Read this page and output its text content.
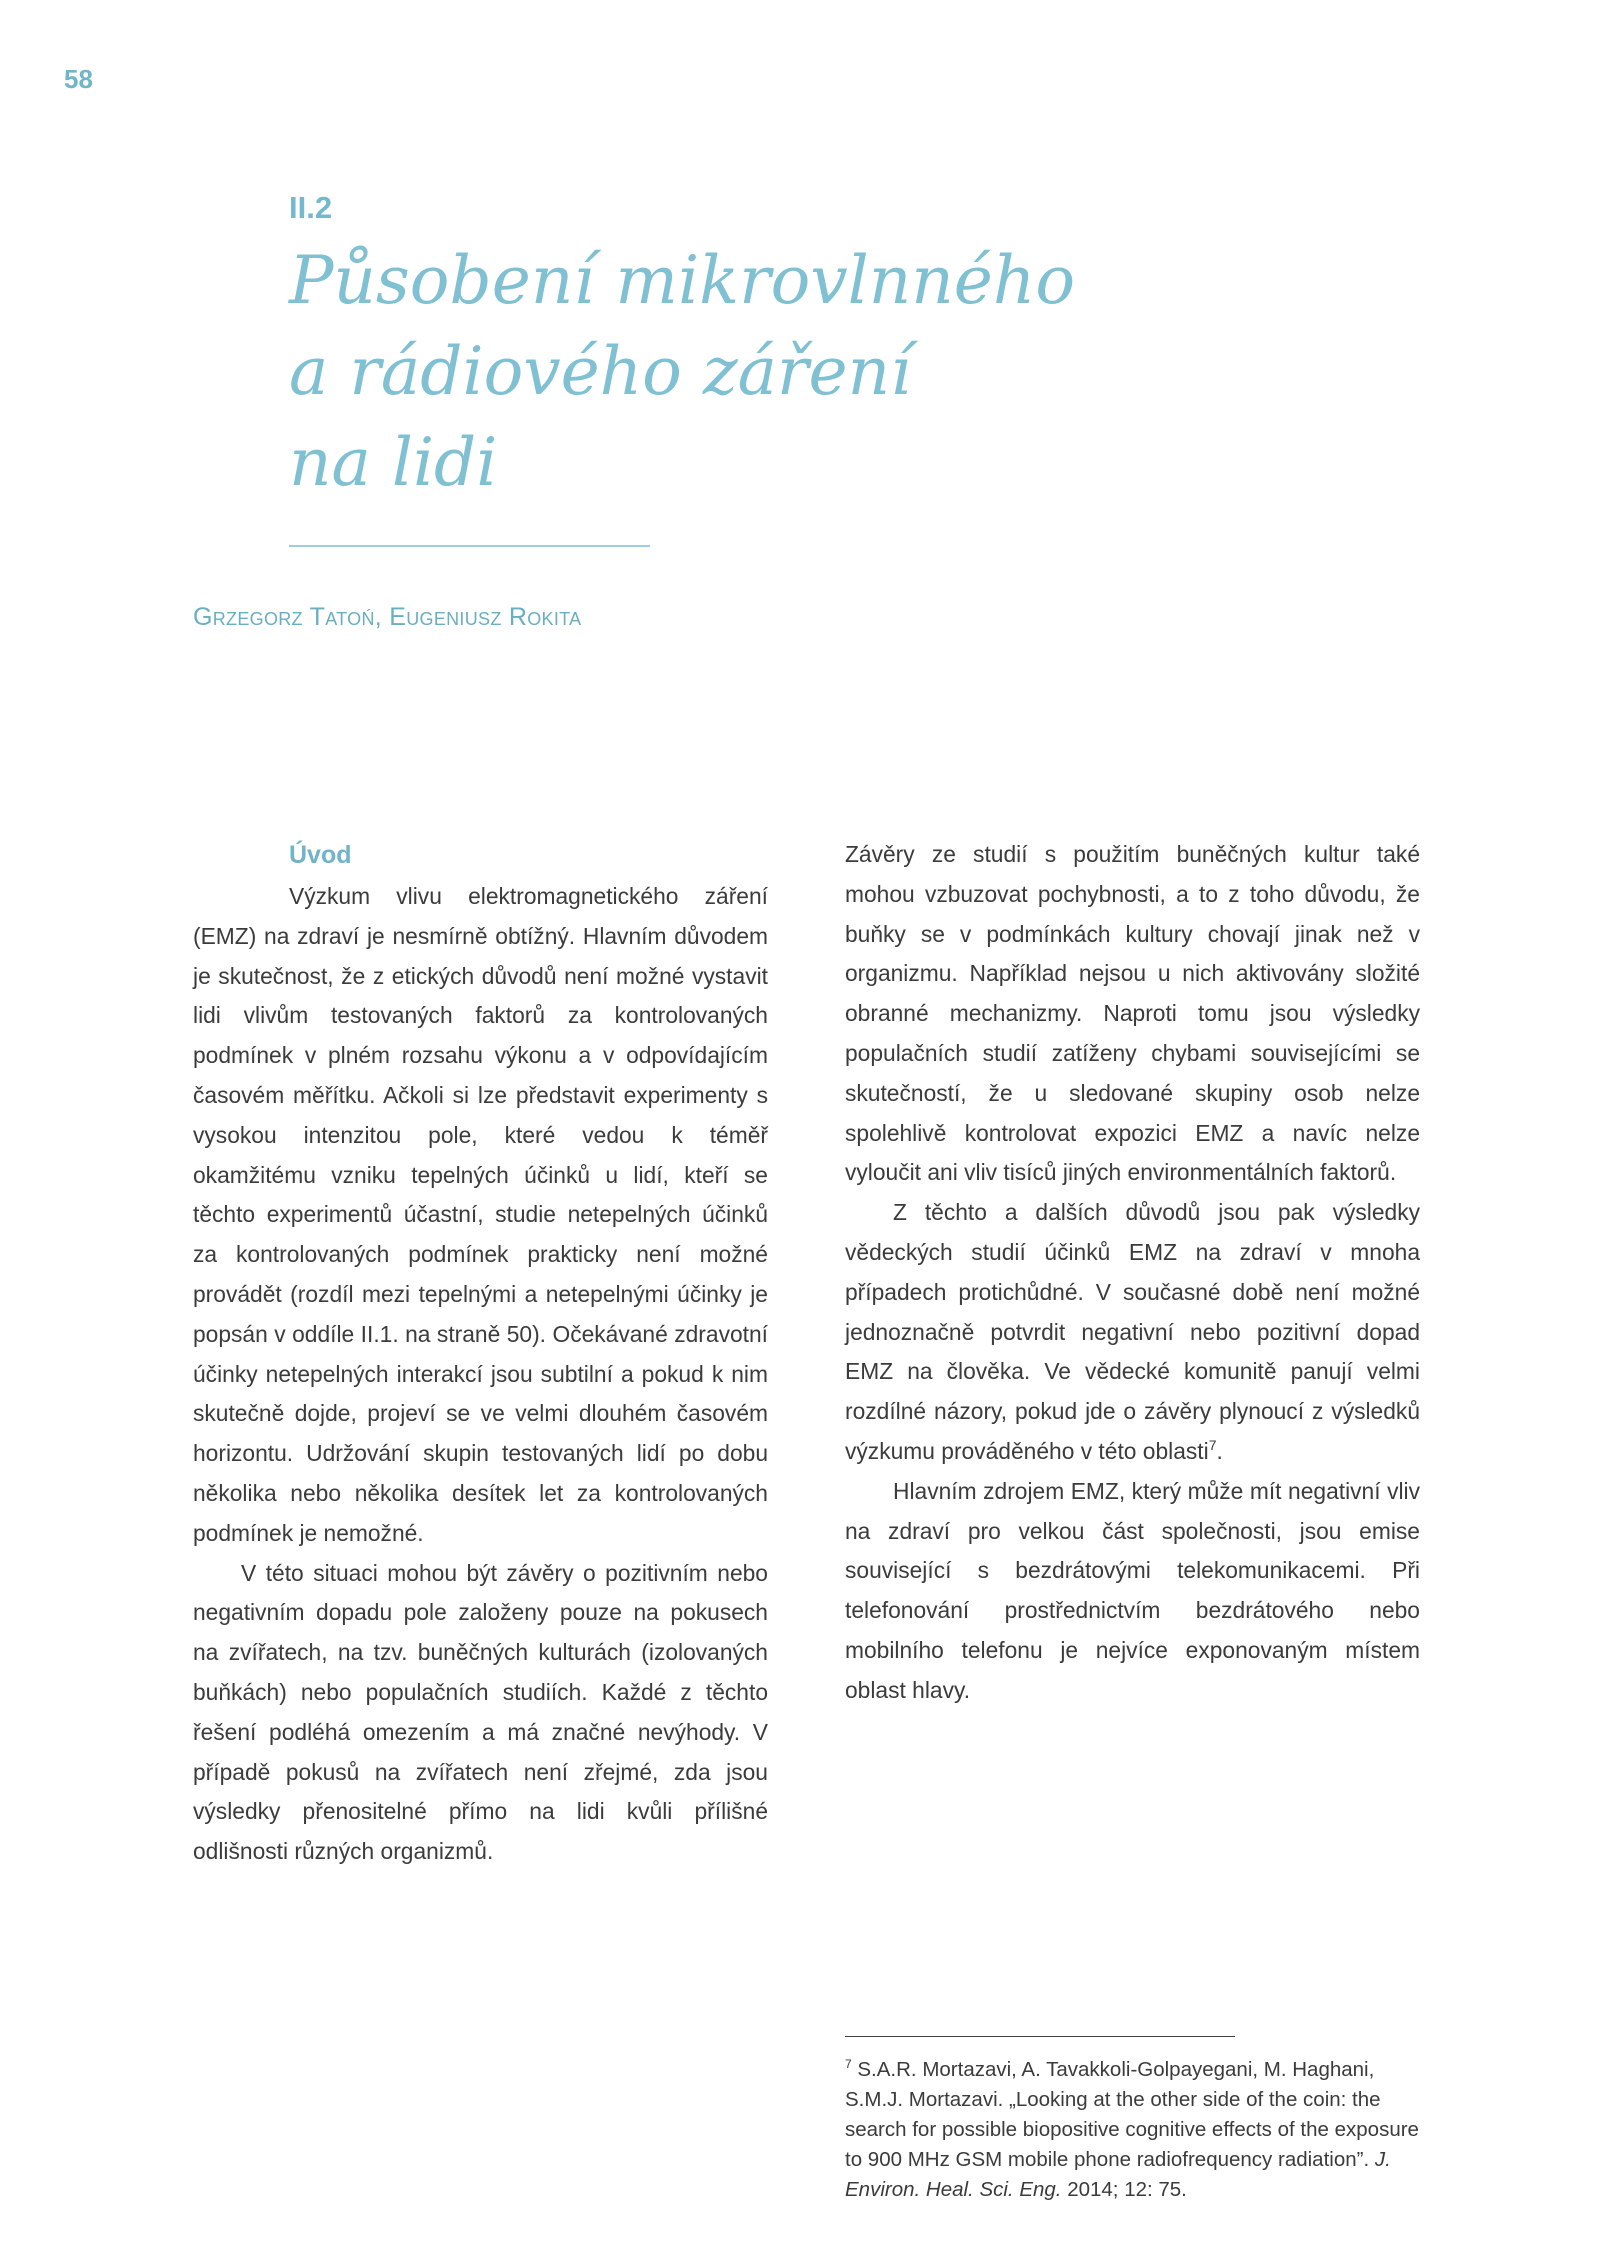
58
II.2
Působení mikrovlnného
a rádiového záření
na lidi
Grzegorz Tatoń, Eugeniusz Rokita
Úvod

Výzkum vlivu elektromagnetického záření (EMZ) na zdraví je nesmírně obtížný. Hlavním důvodem je skutečnost, že z etických důvodů není možné vystavit lidi vlivům testovaných faktorů za kontrolovaných podmínek v plném rozsahu výkonu a v odpovídajícím časovém měřítku. Ačkoli si lze představit experimenty s vysokou intenzitou pole, které vedou k téměř okamžitému vzniku tepelných účinků u lidí, kteří se těchto experimentů účastní, studie netepelných účinků za kontrolovaných podmínek prakticky není možné provádět (rozdíl mezi tepelnými a netepelnými účinky je popsán v oddíle II.1. na straně 50). Očekávané zdravotní účinky netepelných interakcí jsou subtilní a pokud k nim skutečně dojde, projeví se ve velmi dlouhém časovém horizontu. Udržování skupin testovaných lidí po dobu několika nebo několika desítek let za kontrolovaných podmínek je nemožné.

V této situaci mohou být závěry o pozitivním nebo negativním dopadu pole založeny pouze na pokusech na zvířatech, na tzv. buněčných kulturách (izolovaných buňkách) nebo populačních studiích. Každé z těchto řešení podléhá omezením a má značné nevýhody. V případě pokusů na zvířatech není zřejmé, zda jsou výsledky přenositelné přímo na lidi kvůli přílišné odlišnosti různých organizmů.

Závěry ze studií s použitím buněčných kultur také mohou vzbuzovat pochybnosti, a to z toho důvodu, že buňky se v podmínkách kultury chovají jinak než v organizmu. Například nejsou u nich aktivovány složité obranné mechanizmy. Naproti tomu jsou výsledky populačních studií zatíženy chybami souvisejícími se skutečností, že u sledované skupiny osob nelze spolehlivě kontrolovat expozici EMZ a navíc nelze vyloučit ani vliv tisíců jiných environmentálních faktorů.

Z těchto a dalších důvodů jsou pak výsledky vědeckých studií účinků EMZ na zdraví v mnoha případech protichůdné. V současné době není možné jednoznačně potvrdit negativní nebo pozitivní dopad EMZ na člověka. Ve vědecké komunitě panují velmi rozdílné názory, pokud jde o závěry plynoucí z výsledků výzkumu prováděného v této oblasti$^7$.

Hlavním zdrojem EMZ, který může mít negativní vliv na zdraví pro velkou část společnosti, jsou emise související s bezdrátovými telekomunikacemi. Při telefonování prostřednictvím bezdrátového nebo mobilního telefonu je nejvíce exponovaným místem oblast hlavy.

$^7$ S.A.R. Mortazavi, A. Tavakkoli-Golpayegani, M. Haghani, S.M.J. Mortazavi. „Looking at the other side of the coin: the search for possible biopositive cognitive effects of the exposure to 900 MHz GSM mobile phone radiofrequency radiation”. J. Environ. Heal. Sci. Eng. 2014; 12: 75.
